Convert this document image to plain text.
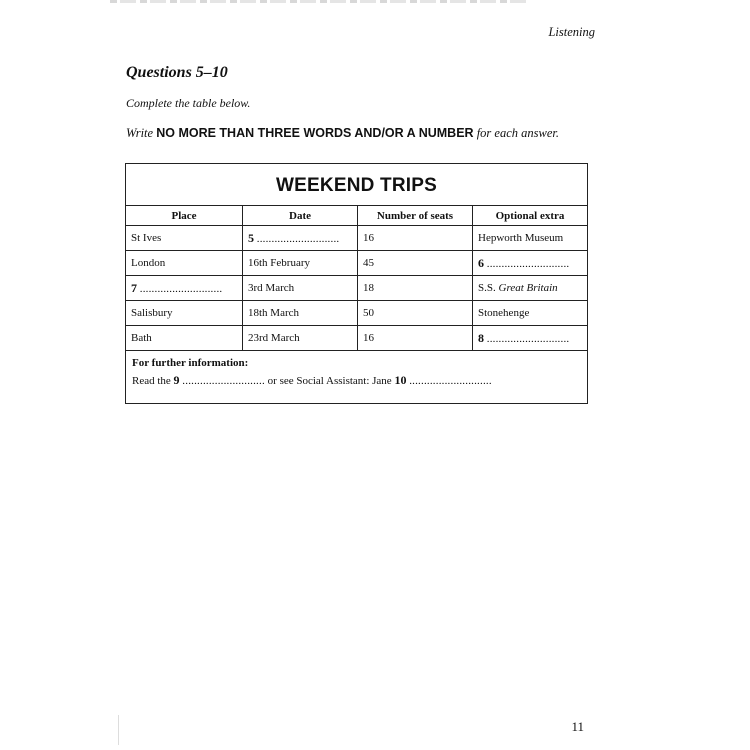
Listening
Questions 5–10
Complete the table below.
Write NO MORE THAN THREE WORDS AND/OR A NUMBER for each answer.
WEEKEND TRIPS			
Place	Date	Number of seats	Optional extra
St Ives	5 ............................	16	Hepworth Museum
London	16th February	45	6 ............................
7 ............................	3rd March	18	S.S. Great Britain
Salisbury	18th March	50	Stonehenge
Bath	23rd March	16	8 ............................

For further information:
Read the 9 ............................ or see Social Assistant: Jane 10 ............................			
11
